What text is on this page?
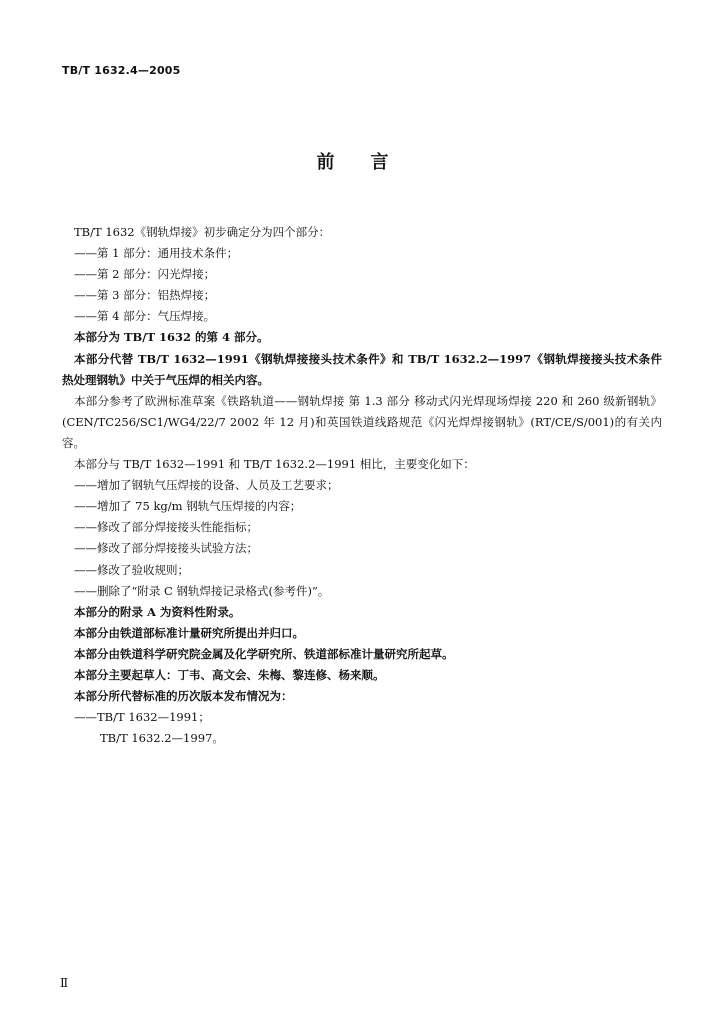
TB/T 1632.4—2005
前 言
TB/T 1632《钢轨焊接》初步确定分为四个部分：
——第 1 部分：通用技术条件；
——第 2 部分：闪光焊接；
——第 3 部分：铝热焊接；
——第 4 部分：气压焊接。
本部分为 TB/T 1632 的第 4 部分。
本部分代替 TB/T 1632—1991《钢轨焊接接头技术条件》和 TB/T 1632.2—1997《钢轨焊接接头技术条件 热处理钢轨》中关于气压焊的相关内容。
本部分参考了欧洲标准草案《铁路轨道——钢轨焊接 第 1.3 部分 移动式闪光焊现场焊接 220 和 260 级新钢轨》(CEN/TC256/SC1/WG4/22/7 2002 年 12 月)和英国铁道线路规范《闪光焊焊接钢轨》(RT/CE/S/001)的有关内容。
本部分与 TB/T 1632—1991 和 TB/T 1632.2—1991 相比，主要变化如下：
——增加了钢轨气压焊接的设备、人员及工艺要求；
——增加了 75 kg/m 钢轨气压焊接的内容；
——修改了部分焊接接头性能指标；
——修改了部分焊接接头试验方法；
——修改了验收规则；
——删除了“附录 C 钢轨焊接记录格式(参考件)”。
本部分的附录 A 为资料性附录。
本部分由铁道部标准计量研究所提出并归口。
本部分由铁道科学研究院金属及化学研究所、铁道部标准计量研究所起草。
本部分主要起草人：丁韦、高文会、朱梅、黎连修、杨来顺。
本部分所代替标准的历次版本发布情况为：
——TB/T 1632—1991；
TB/T 1632.2—1997。
Ⅱ
